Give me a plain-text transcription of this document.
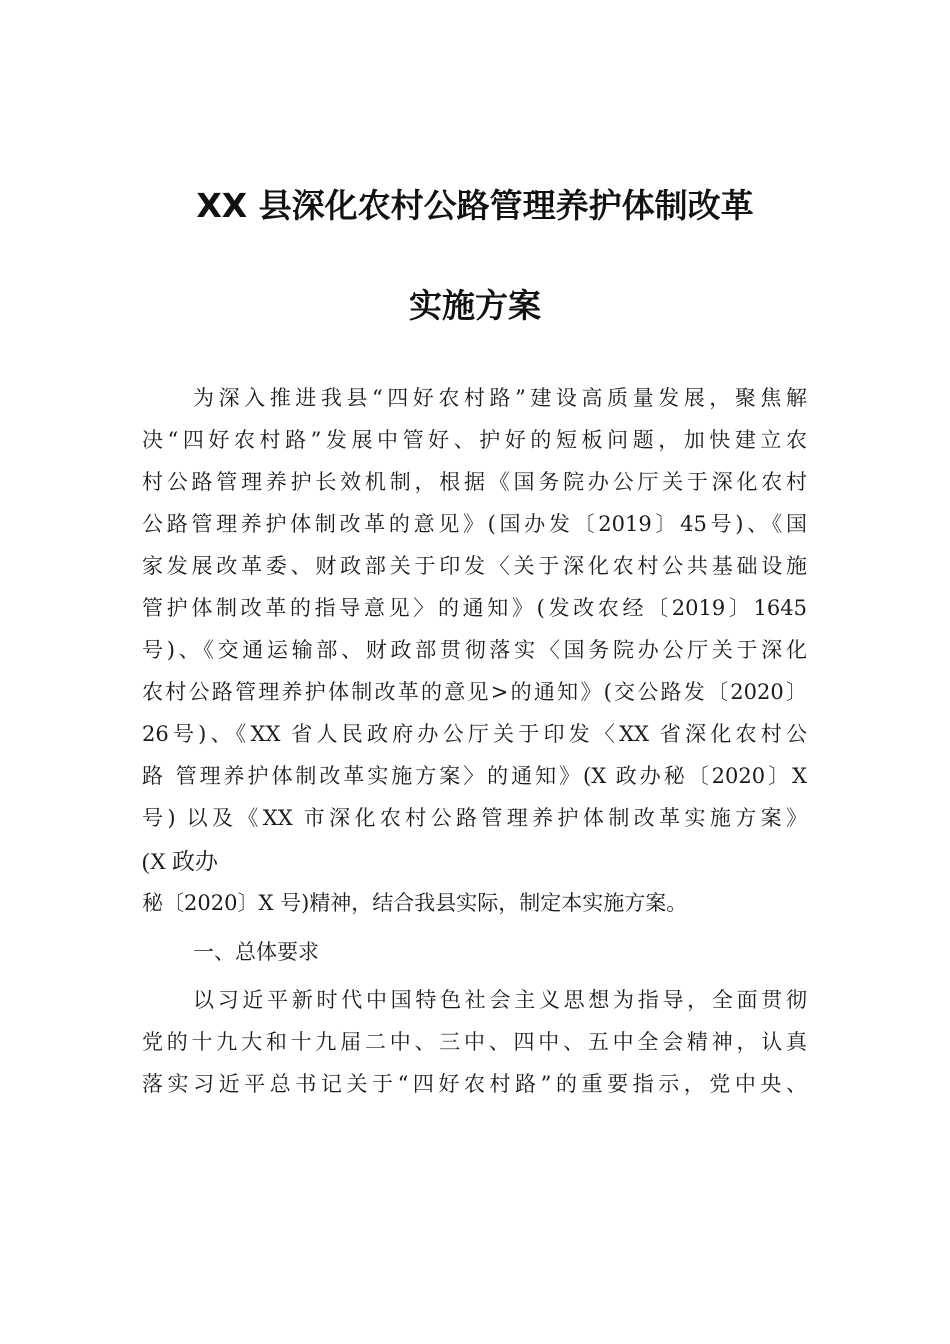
XX 县深化农村公路管理养护体制改革
实施方案
为深入推进我县“四好农村路”建设高质量发展，聚焦解
决“四好农村路”发展中管好、护好的短板问题，加快建立农
村公路管理养护长效机制，根据《国务院办公厅关于深化农村
公路管理养护体制改革的意见》(国办发〔2019〕45号)、《国
家发展改革委、财政部关于印发〈关于深化农村公共基础设施
管护体制改革的指导意见〉的通知》(发改农经〔2019〕1645
号)、《交通运输部、财政部贯彻落实〈国务院办公厅关于深化
农村公路管理养护体制改革的意见>的通知》(交公路发〔2020〕
26号)、《XX 省人民政府办公厅关于印发〈XX 省深化农村公
路 管理养护体制改革实施方案〉的通知》(X 政办秘〔2020〕X
号) 以及《XX 市深化农村公路管理养护体制改革实施方案》
(X 政办
秘〔2020〕X 号)精神，结合我县实际，制定本实施方案。
一、总体要求
以习近平新时代中国特色社会主义思想为指导，全面贯彻
党的十九大和十九届二中、三中、四中、五中全会精神，认真
落实习近平总书记关于“四好农村路”的重要指示，党中央、
